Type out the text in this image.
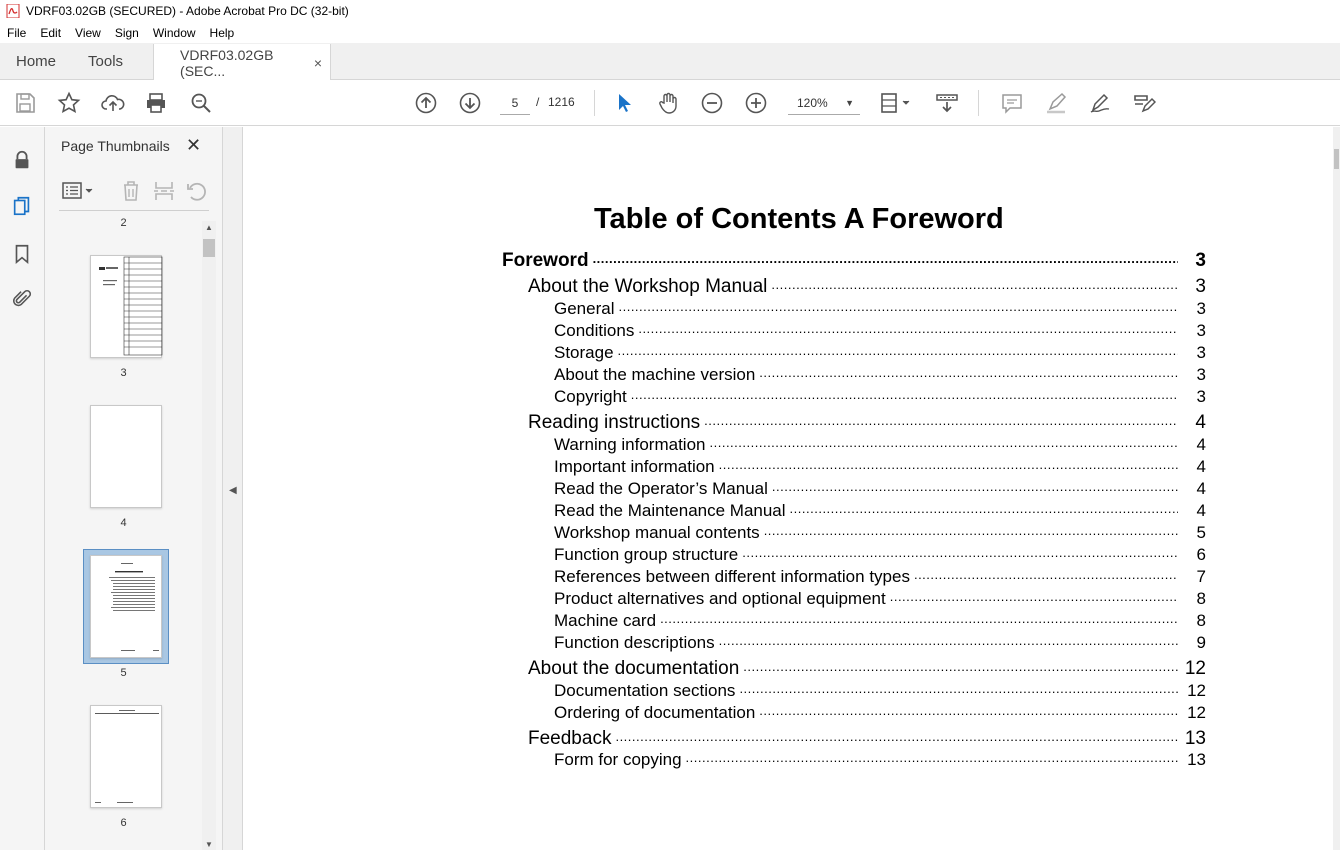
VDRF03.02GB (SECURED) - Adobe Acrobat Pro DC (32-bit)
File	Edit	View	Sign	Window	Help
Home	Tools	VDRF03.02GB (SEC...	×
5	/ 1216	120% ▼
Page Thumbnails ✕
2
3
4
5
6
▲
▼
◀
Table of Contents A Foreword
Foreword .....	3
About the Workshop Manual .....	3
General .....	3
Conditions .....	3
Storage .....	3
About the machine version .....	3
Copyright .....	3
Reading instructions .....	4
Warning information .....	4
Important information .....	4
Read the Operator’s Manual .....	4
Read the Maintenance Manual .....	4
Workshop manual contents .....	5
Function group structure .....	6
References between different information types .....	7
Product alternatives and optional equipment .....	8
Machine card .....	8
Function descriptions .....	9
About the documentation .....	12
Documentation sections .....	12
Ordering of documentation .....	12
Feedback .....	13
Form for copying .....	13
